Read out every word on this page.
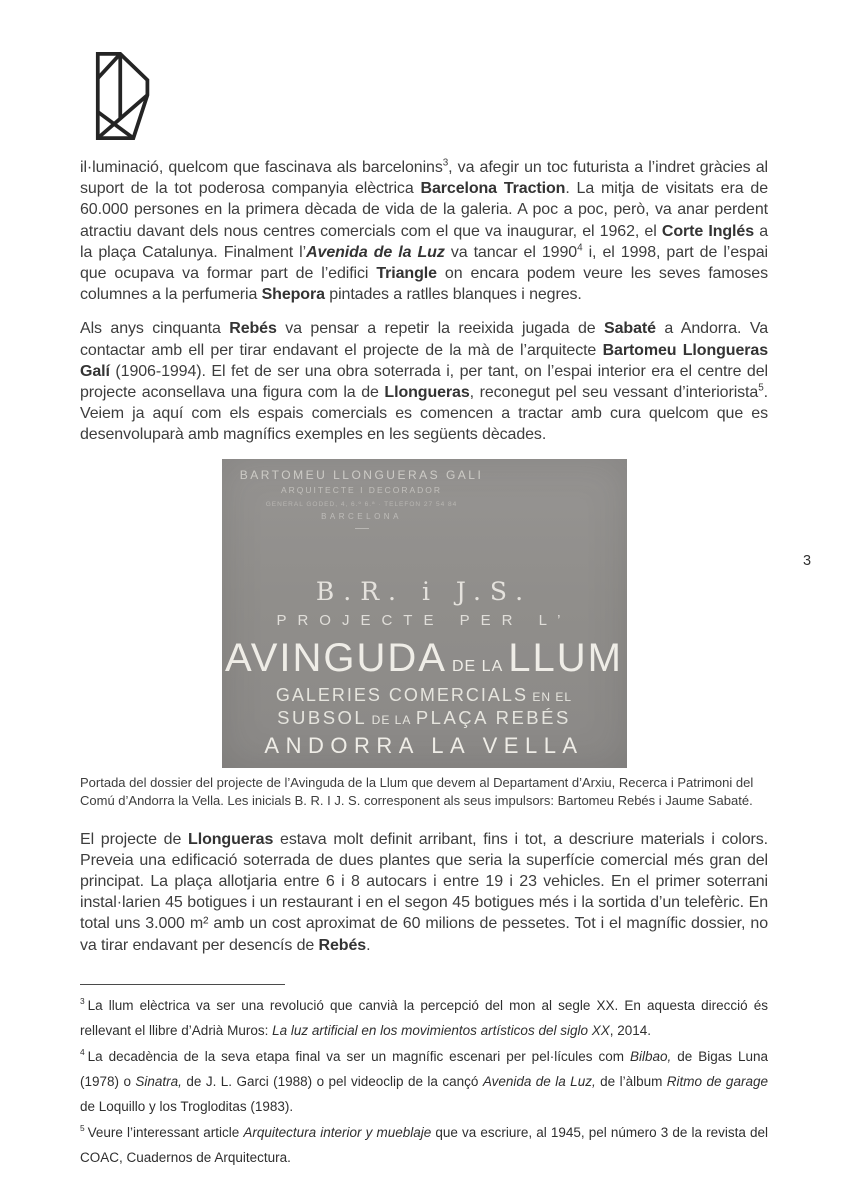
il·luminació, quelcom que fascinava als barcelonins$^3$, va afegir un toc futurista a l’indret gràcies al suport de la tot poderosa companyia elèctrica Barcelona Traction. La mitja de visitats era de 60.000 persones en la primera dècada de vida de la galeria. A poc a poc, però, va anar perdent atractiu davant dels nous centres comercials com el que va inaugurar, el 1962, el Corte Inglés a la plaça Catalunya. Finalment l’Avenida de la Luz va tancar el 1990$^4$ i, el 1998, part de l’espai que ocupava va formar part de l’edifici Triangle on encara podem veure les seves famoses columnes a la perfumeria Shepora pintades a ratlles blanques i negres.

Als anys cinquanta Rebés va pensar a repetir la reeixida jugada de Sabaté a Andorra. Va contactar amb ell per tirar endavant el projecte de la mà de l’arquitecte Bartomeu Llongueras Galí (1906-1994). El fet de ser una obra soterrada i, per tant, on l’espai interior era el centre del projecte aconsellava una figura com la de Llongueras, reconegut pel seu vessant d’interiorista$^5$. Veiem ja aquí com els espais comercials es comencen a tractar amb cura quelcom que es desenvoluparà amb magnífics exemples en les següents dècades.

BARTOMEU LLONGUERAS GALI
ARQUITECTE I DECORADOR
GENERAL GODED, 4, 6.º 6.ª · TELEFON 27 54 84
BARCELONA
B.R. i J.S.
PROJECTE PER L’
AVINGUDA DE LA LLUM
GALERIES COMERCIALS EN EL
SUBSOL DE LA PLAÇA REBÉS
ANDORRA LA VELLA
Portada del dossier del projecte de l’Avinguda de la Llum que devem al Departament d’Arxiu, Recerca i Patrimoni del Comú d’Andorra la Vella. Les inicials B. R. I J. S. corresponent als seus impulsors: Bartomeu Rebés i Jaume Sabaté.

El projecte de Llongueras estava molt definit arribant, fins i tot, a descriure materials i colors. Preveia una edificació soterrada de dues plantes que seria la superfície comercial més gran del principat. La plaça allotjaria entre 6 i 8 autocars i entre 19 i 23 vehicles. En el primer soterrani instal·larien 45 botigues i un restaurant i en el segon 45 botigues més i la sortida d’un telefèric. En total uns 3.000 m² amb un cost aproximat de 60 milions de pessetes. Tot i el magnífic dossier, no va tirar endavant per desencís de Rebés.

$^3$ La llum elèctrica va ser una revolució que canvià la percepció del mon al segle XX. En aquesta direcció és rellevant el llibre d’Adrià Muros: La luz artificial en los movimientos artísticos del siglo XX, 2014.
$^4$ La decadència de la seva etapa final va ser un magnífic escenari per pel·lícules com Bilbao, de Bigas Luna (1978) o Sinatra, de J. L. Garci (1988) o pel videoclip de la cançó Avenida de la Luz, de l’àlbum Ritmo de garage de Loquillo y los Trogloditas (1983).
$^5$ Veure l’interessant article Arquitectura interior y mueblaje que va escriure, al 1945, pel número 3 de la revista del COAC, Cuadernos de Arquitectura.
3
